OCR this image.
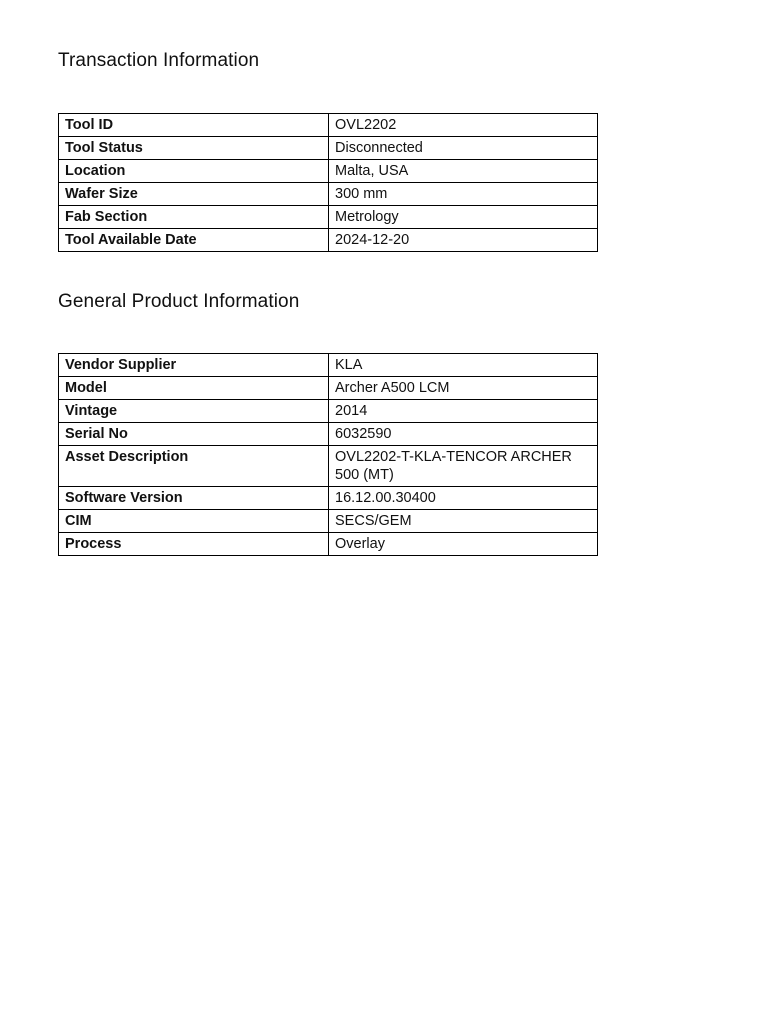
Transaction Information
Tool ID	OVL2202
Tool Status	Disconnected
Location	Malta, USA
Wafer Size	300 mm
Fab Section	Metrology
Tool Available Date	2024-12-20
General Product Information
Vendor Supplier	KLA
Model	Archer A500 LCM
Vintage	2014
Serial No	6032590
Asset Description	OVL2202-T-KLA-TENCOR ARCHER 500 (MT)
Software Version	16.12.00.30400
CIM	SECS/GEM
Process	Overlay
